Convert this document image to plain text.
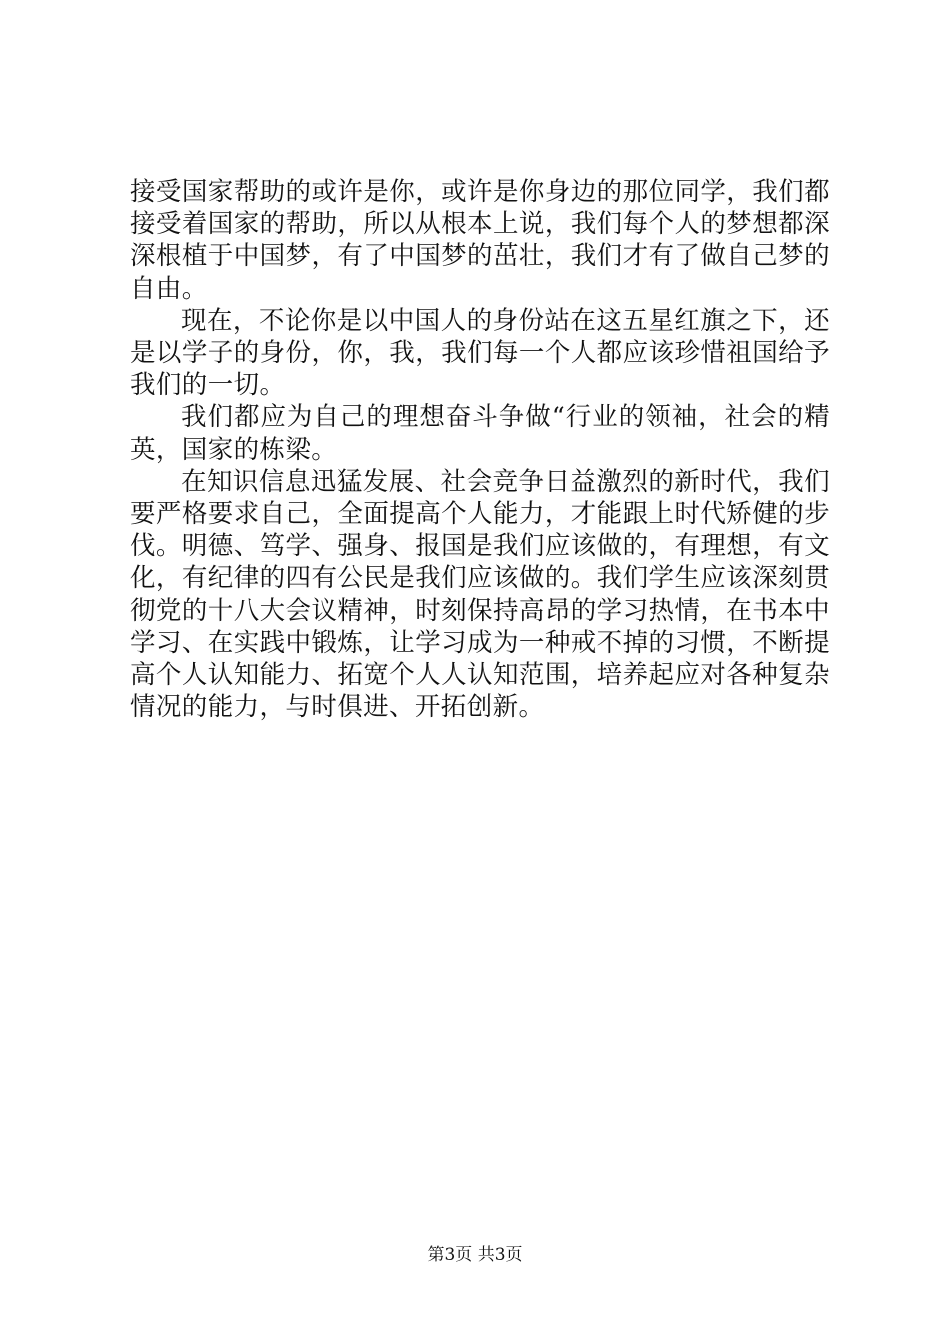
接受国家帮助的或许是你，或许是你身边的那位同学，我们都接受着国家的帮助，所以从根本上说，我们每个人的梦想都深深根植于中国梦，有了中国梦的茁壮，我们才有了做自己梦的自由。

现在，不论你是以中国人的身份站在这五星红旗之下，还是以学子的身份，你，我，我们每一个人都应该珍惜祖国给予我们的一切。

我们都应为自己的理想奋斗争做“行业的领袖，社会的精英，国家的栋梁。

在知识信息迅猛发展、社会竞争日益激烈的新时代，我们要严格要求自己，全面提高个人能力，才能跟上时代矫健的步伐。明德、笃学、强身、报国是我们应该做的，有理想，有文化，有纪律的四有公民是我们应该做的。我们学生应该深刻贯彻党的十八大会议精神，时刻保持高昂的学习热情，在书本中学习、在实践中锻炼，让学习成为一种戒不掉的习惯，不断提高个人认知能力、拓宽个人人认知范围，培养起应对各种复杂情况的能力，与时俱进、开拓创新。

第3页 共3页
